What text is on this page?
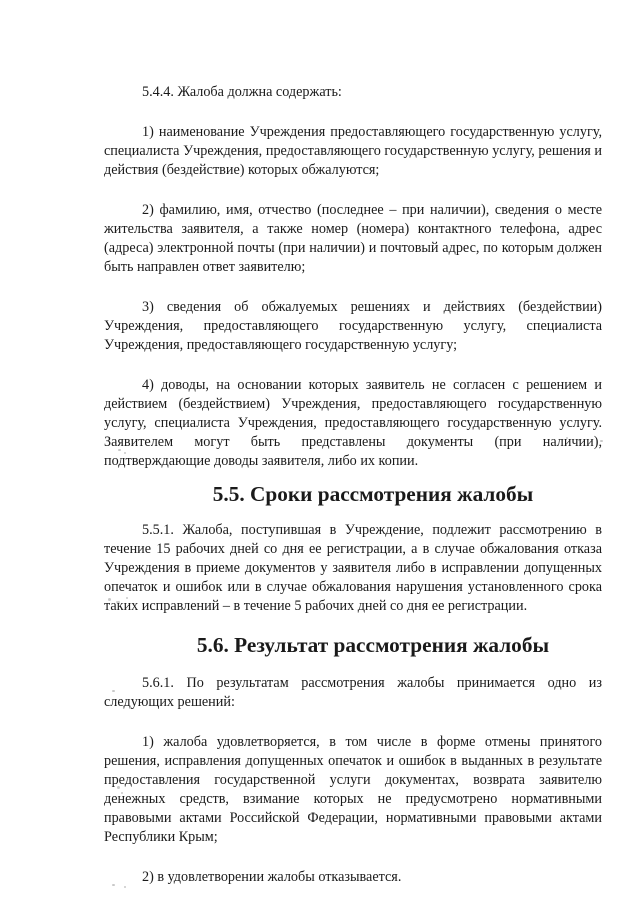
5.4.4. Жалоба должна содержать:

1) наименование Учреждения предоставляющего государственную услугу, специалиста Учреждения, предоставляющего государственную услугу, решения и действия (бездействие) которых обжалуются;

2) фамилию, имя, отчество (последнее – при наличии), сведения о месте жительства заявителя, а также номер (номера) контактного телефона, адрес (адреса) электронной почты (при наличии) и почтовый адрес, по которым должен быть направлен ответ заявителю;

3) сведения об обжалуемых решениях и действиях (бездействии) Учреждения, предоставляющего государственную услугу, специалиста Учреждения, предоставляющего государственную услугу;

4) доводы, на основании которых заявитель не согласен с решением и действием (бездействием) Учреждения, предоставляющего государственную услугу, специалиста Учреждения, предоставляющего государственную услугу. Заявителем могут быть представлены документы (при наличии), подтверждающие доводы заявителя, либо их копии.

5.5. Сроки рассмотрения жалобы

5.5.1. Жалоба, поступившая в Учреждение, подлежит рассмотрению в течение 15 рабочих дней со дня ее регистрации, а в случае обжалования отказа Учреждения в приеме документов у заявителя либо в исправлении допущенных опечаток и ошибок или в случае обжалования нарушения установленного срока таких исправлений – в течение 5 рабочих дней со дня ее регистрации.

5.6. Результат рассмотрения жалобы

5.6.1. По результатам рассмотрения жалобы принимается одно из следующих решений:

1) жалоба удовлетворяется, в том числе в форме отмены принятого решения, исправления допущенных опечаток и ошибок в выданных в результате предоставления государственной услуги документах, возврата заявителю денежных средств, взимание которых не предусмотрено нормативными правовыми актами Российской Федерации, нормативными правовыми актами Республики Крым;

2) в удовлетворении жалобы отказывается.
